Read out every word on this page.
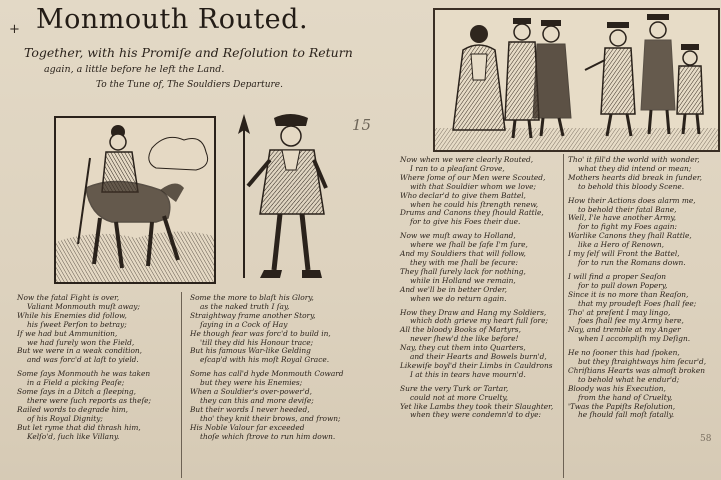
+ Monmouth Routed.
Together, with his Promiſe and Reſolution to Return
again, a little before he left the Land.
To the Tune of, The Souldiers Departure.
15

Now the fatal Fight is over,
Valiant Monmouth muſt away;
While his Enemies did follow,
his ſweet Perſon to betray;
If we had but Ammunition,
we had ſurely won the Field,
But we were in a weak condition,
and was forc'd at laſt to yield.

Some ſays Monmouth he was taken
in a Field a picking Peaſe;
Some ſays in a Ditch a ſleeping,
there were ſuch reports as theſe;
Railed words to degrade him,
of his Royal Dignity;
But let ryme that did thrash him,
Kelſo'd, ſuch like Villany.

Some the more to blaſt his Glory,
as the naked truth I ſay,
Straightway frame another Story,
ſaying in a Cock of Hay
He though fear was forc'd to build in,
'till they did his Honour trace;
But his famous War-like Gelding
eſcap'd with his moſt Royal Grace.

Some has call'd hyde Monmouth Coward
but they were his Enemies;
When a Souldier's over-power'd,
they can this and more deviſe;
But their words I never heeded,
tho' they knit their brows, and frown;
His Noble Valour far exceeded
thoſe which ſtrove to run him down.

Now when we were clearly Routed,
I ran to a pleaſant Grove,
Where ſome of our Men were Scouted,
with that Souldier whom we love;
Who declar'd to give them Battel,
when he could his ſtrength renew,
Drums and Canons they ſhould Rattle,
for to give his Foes their due.

Now we muſt away to Holland,
where we ſhall be ſafe I'm ſure,
And my Souldiers that will follow,
they with me ſhall be ſecure:
They ſhall ſurely lack for nothing,
while in Holland we remain,
And we'll be in better Order,
when we do return again.

How they Draw and Hang my Soldiers,
which doth grieve my heart full ſore;
All the bloody Books of Martyrs,
never ſhew'd the like before!
Nay, they cut them into Quarters,
and their Hearts and Bowels burn'd,
Likewiſe boyl'd their Limbs in Cauldrons
I at this in tears have mourn'd.

Sure the very Turk or Tartar,
could not at more Cruelty,
Yet like Lambs they took their Slaughter,
when they were condemn'd to dye:

Tho' it fill'd the world with wonder,
what they did intend or mean;
Mothers hearts did break in ſunder,
to behold this bloody Scene.

How their Actions does alarm me,
to behold their fatal Bane,
Well, I'le have another Army,
for to fight my Foes again:
Warlike Canons they ſhall Rattle,
like a Hero of Renown,
I my ſelf will Front the Battel,
for to run the Romans down.

I will find a proper Seaſon
for to pull down Popery,
Since it is no more than Reaſon,
that my proudeſt Foes ſhall fee;
Tho' at preſent I may lingo,
foes ſhall fee my Army here,
Nay, and tremble at my Anger
when I accompliſh my Deſign.

He no ſooner this had ſpoken,
but they ſtraightways him ſecur'd,
Chriſtians Hearts was almoſt broken
to behold what he endur'd;
Bloody was his Execution,
from the hand of Cruelty,
'Twas the Papiſts Reſolution,
he ſhould fall moſt fatally.

58
